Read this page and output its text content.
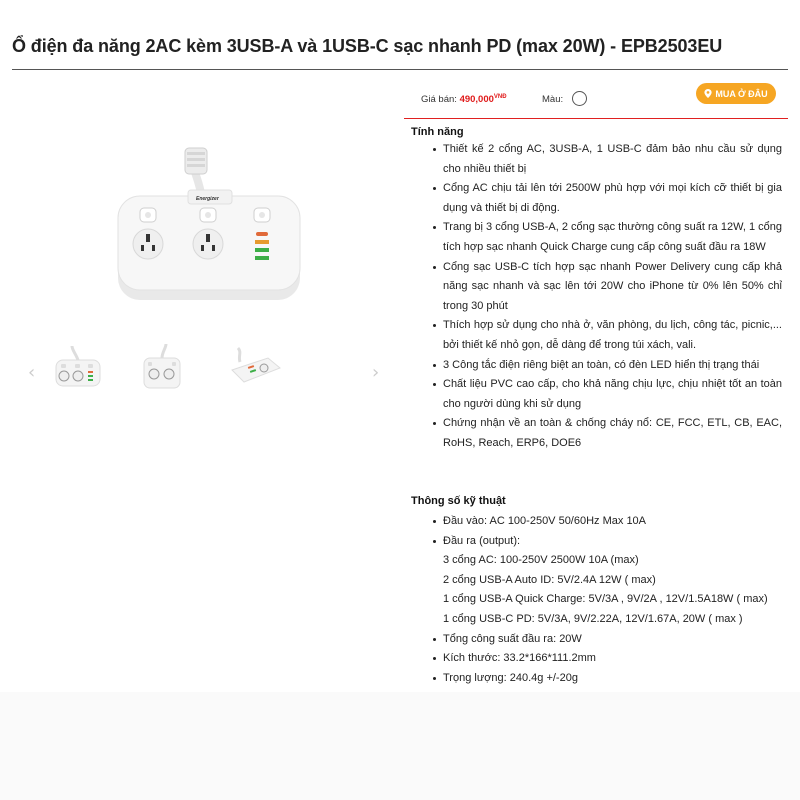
Ổ điện đa năng 2AC kèm 3USB-A và 1USB-C sạc nhanh PD (max 20W) - EPB2503EU
Energizer
‹	›
Giá bán: $490,000^{VNĐ}$	Màu:
MUA Ở ĐÂU
Tính năng
Thiết kế 2 cổng AC, 3USB-A, 1 USB-C đảm bảo nhu cầu sử dụng cho nhiều thiết bị
Cổng AC chịu tải lên tới 2500W phù hợp với mọi kích cỡ thiết bị gia dụng và thiết bị di động.
Trang bị 3 cổng USB-A, 2 cổng sạc thường công suất ra 12W, 1 cổng tích hợp sạc nhanh Quick Charge cung cấp công suất đầu ra 18W
Cổng sạc USB-C tích hợp sạc nhanh Power Delivery cung cấp khả năng sạc nhanh và sạc lên tới 20W cho iPhone từ 0% lên 50% chỉ trong 30 phút
Thích hợp sử dụng cho nhà ở, văn phòng, du lịch, công tác, picnic,... bởi thiết kế nhỏ gọn, dễ dàng để trong túi xách, vali.
3 Công tắc điện riêng biệt an toàn, có đèn LED hiển thị trạng thái
Chất liệu PVC cao cấp, cho khả năng chịu lực, chịu nhiệt tốt an toàn cho người dùng khi sử dụng
Chứng nhận về an toàn & chống cháy nổ: CE, FCC, ETL, CB, EAC, RoHS, Reach, ERP6, DOE6
Thông số kỹ thuật
Đầu vào: AC 100-250V 50/60Hz Max 10A
Đầu ra (output):
3 cổng AC: 100-250V 2500W 10A (max)
2 cổng USB-A Auto ID: 5V/2.4A 12W ( max)
1 cổng USB-A Quick Charge: 5V/3A , 9V/2A , 12V/1.5A18W ( max)
1 cổng USB-C PD: 5V/3A, 9V/2.22A, 12V/1.67A, 20W ( max )
Tổng công suất đầu ra: 20W
Kích thước: 33.2*166*111.2mm
Trọng lượng: 240.4g +/-20g
